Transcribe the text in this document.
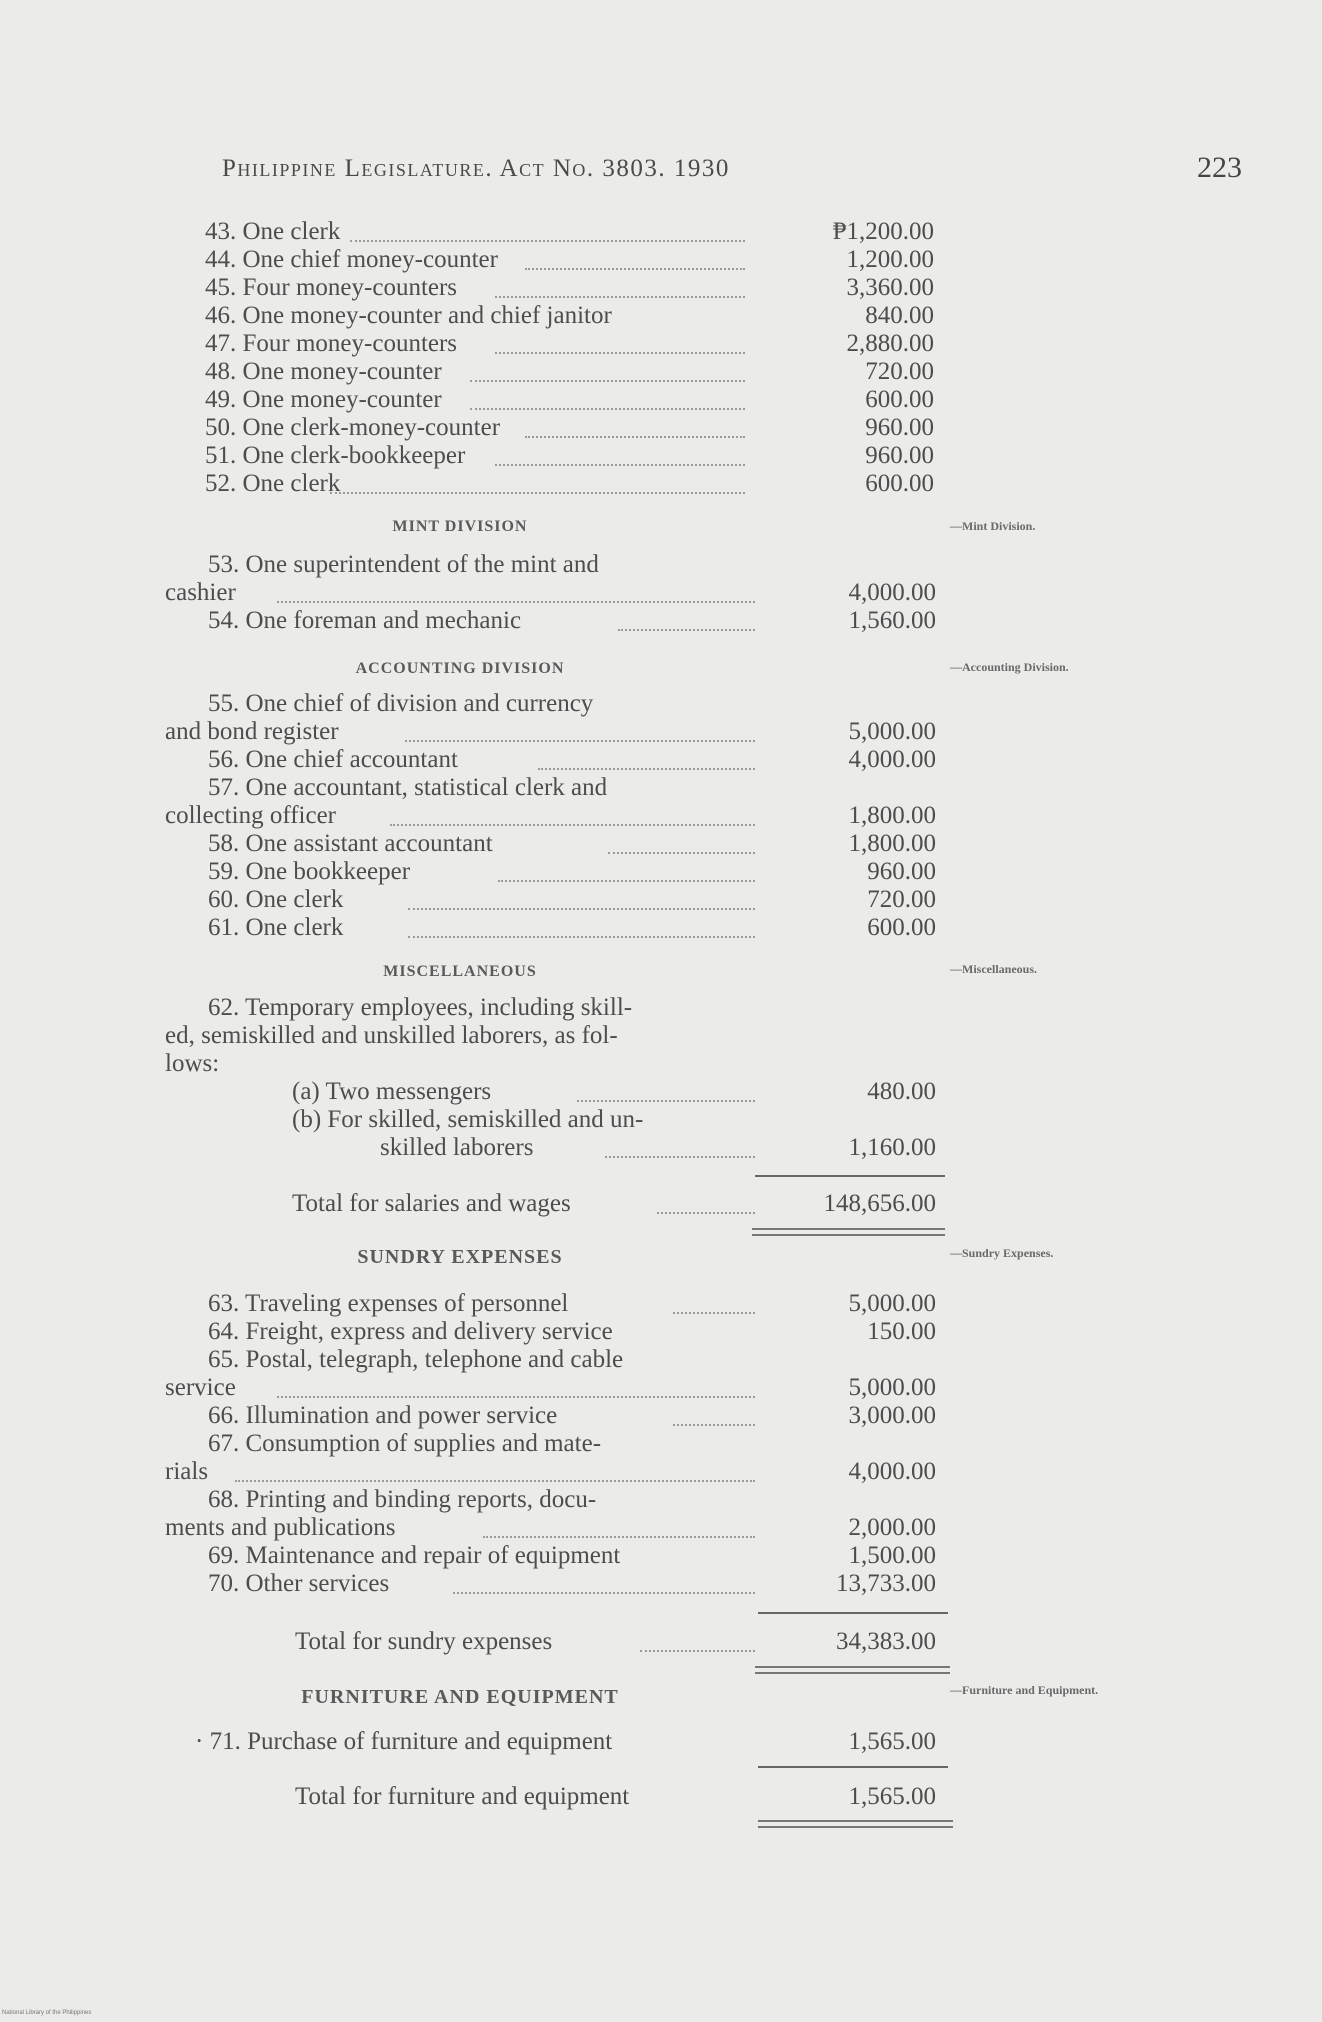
Philippine Legislature. Act No. 3803. 1930	223
43. One clerk	₱1,200.00
44. One chief money-counter	1,200.00
45. Four money-counters	3,360.00
46. One money-counter and chief janitor	840.00
47. Four money-counters	2,880.00
48. One money-counter	720.00
49. One money-counter	600.00
50. One clerk-money-counter	960.00
51. One clerk-bookkeeper	960.00
52. One clerk	600.00
MINT DIVISION	—Mint Division.
53. One superintendent of the mint and
cashier	4,000.00
54. One foreman and mechanic	1,560.00
ACCOUNTING DIVISION	—Accounting Division.
55. One chief of division and currency
and bond register	5,000.00
56. One chief accountant	4,000.00
57. One accountant, statistical clerk and
collecting officer	1,800.00
58. One assistant accountant	1,800.00
59. One bookkeeper	960.00
60. One clerk	720.00
61. One clerk	600.00
MISCELLANEOUS	—Miscellaneous.
62. Temporary employees, including skill-
ed, semiskilled and unskilled laborers, as fol-
lows:
(a) Two messengers	480.00
(b) For skilled, semiskilled and un-
skilled laborers	1,160.00
Total for salaries and wages	148,656.00
SUNDRY EXPENSES	—Sundry Expenses.
63. Traveling expenses of personnel	5,000.00
64. Freight, express and delivery service	150.00
65. Postal, telegraph, telephone and cable
service	5,000.00
66. Illumination and power service	3,000.00
67. Consumption of supplies and mate-
rials	4,000.00
68. Printing and binding reports, docu-
ments and publications	2,000.00
69. Maintenance and repair of equipment	1,500.00
70. Other services	13,733.00
Total for sundry expenses	34,383.00
FURNITURE AND EQUIPMENT	—Furniture and Equipment.
· 71. Purchase of furniture and equipment	1,565.00
Total for furniture and equipment	1,565.00
National Library of the Philippines
